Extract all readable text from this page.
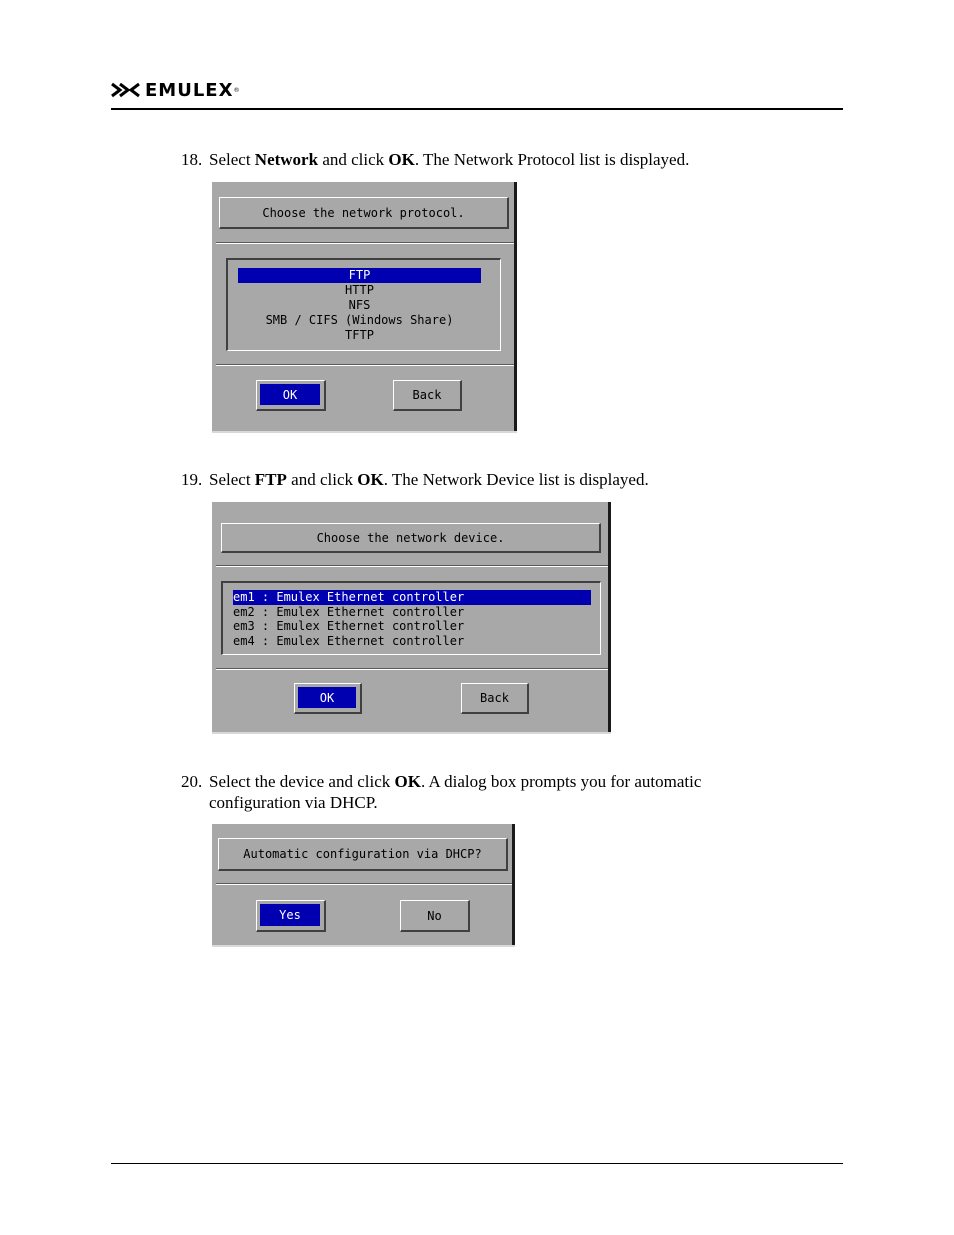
EMULEX ®
18. Select Network and click OK. The Network Protocol list is displayed.
Choose the network protocol.
FTP
HTTP
NFS
SMB / CIFS (Windows Share)
TFTP
OK	Back
19. Select FTP and click OK. The Network Device list is displayed.
Choose the network device.
em1 : Emulex Ethernet controller
em2 : Emulex Ethernet controller
em3 : Emulex Ethernet controller
em4 : Emulex Ethernet controller
OK	Back
20. Select the device and click OK. A dialog box prompts you for automatic
configuration via DHCP.
Automatic configuration via DHCP?
Yes	No
